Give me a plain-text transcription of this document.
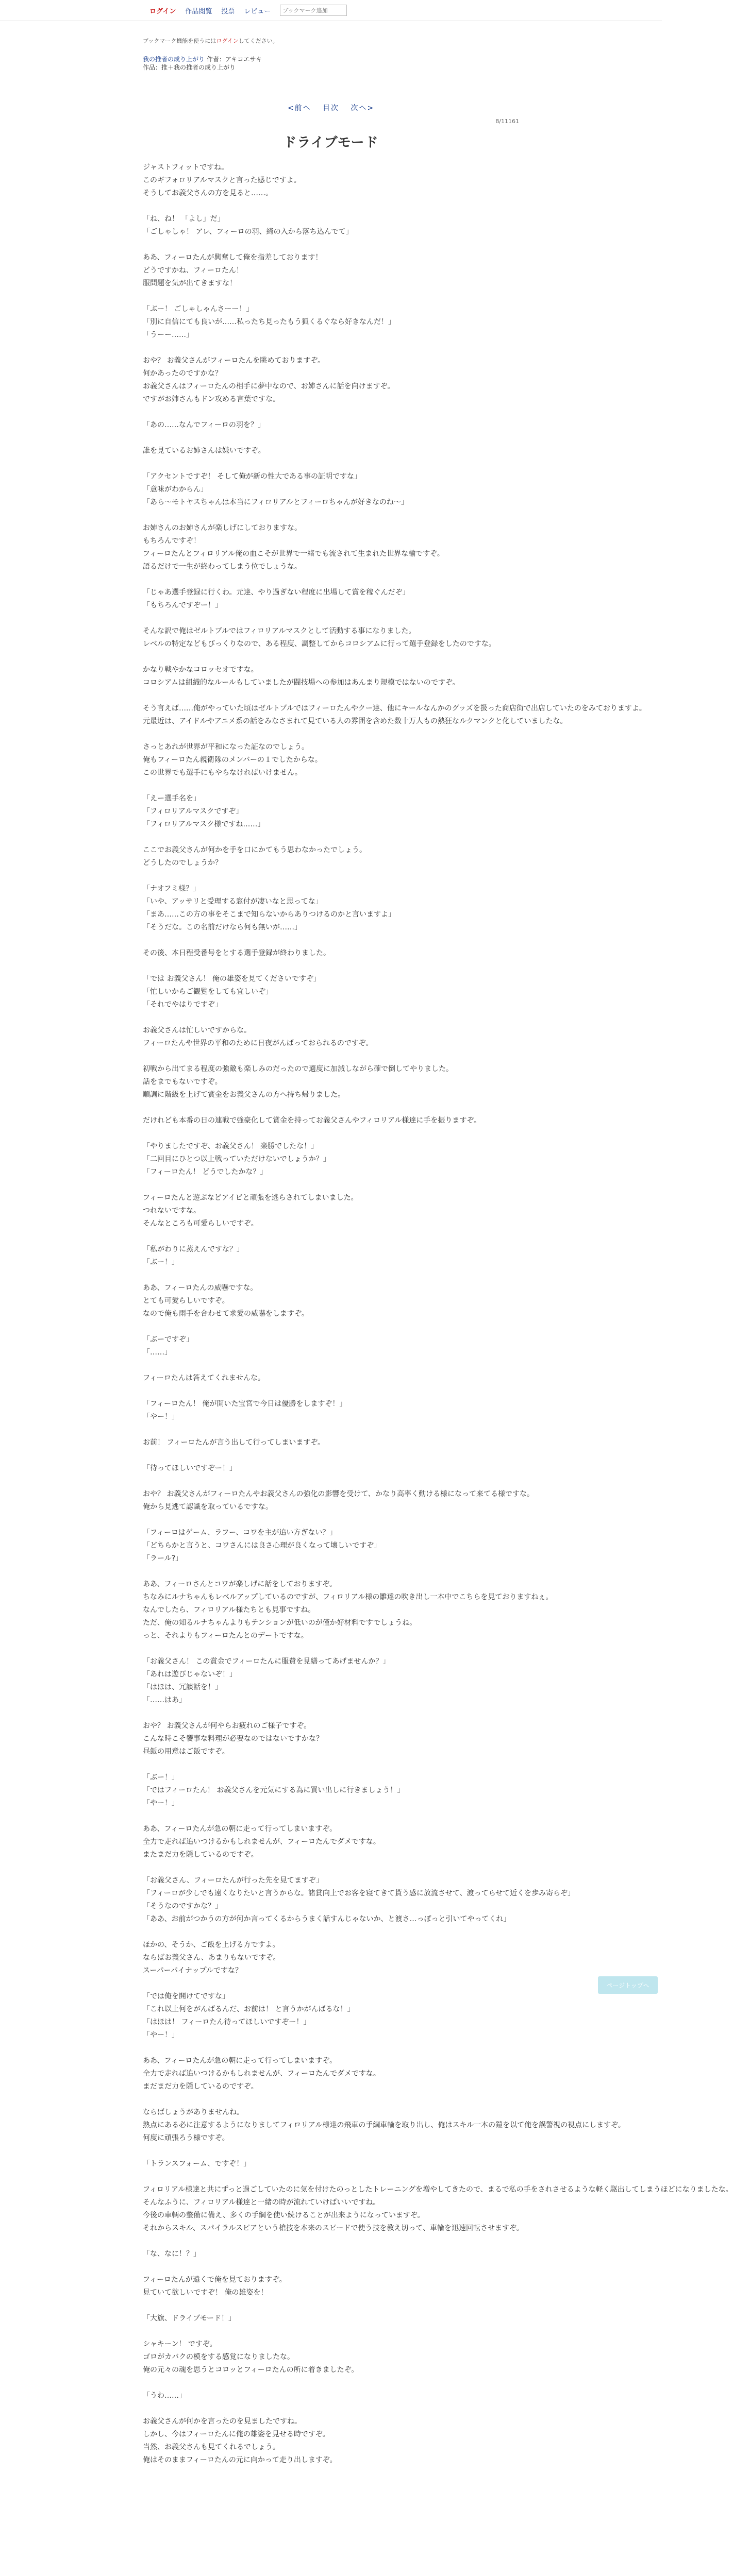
ログイン 作品閲覧 投票 レビュー
ブックマーク追加
ブックマーク機能を使うにはログインしてください。
我の推者の成り上がり 作者：アキコエサキ
作品：推＋我の推者の成り上がり
<前へ 目次 次へ>
8/11161
ドライブモード

ジャストフィットですね。
このギフォロリアルマスクと言った感じですよ。
そうしてお義父さんの方を見ると……。

「ね、ね！ 「よし」だ」
「ごしゃしゃ！ アレ、フィーロの羽、綺の入から落ち込んでて」

ああ、フィーロたんが興奮して俺を指差しております！
どうですかね、フィーロたん！
服問題を気が出てきますな！

「ぶー！ ごしゃしゃんさーー！」
「別に自信にても良いが……私ったち見ったもう狐くるぐなら好きなんだ！」
「うーー……」

おや？ お義父さんがフィーロたんを眺めておりますぞ。
何かあったのですかな？
お義父さんはフィーロたんの相手に夢中なので、お姉さんに話を向けますぞ。
ですがお姉さんもドン攻める言葉ですな。

「あの……なんでフィーロの羽を？」

誰を見ているお姉さんは嫌いですぞ。

「アクセントですぞ！ そして俺が新の性大である事の証明ですな」
「意味がわからん」
「あら〜モトヤスちゃんは本当にフィロリアルとフィーロちゃんが好きなのね〜」

お姉さんのお姉さんが楽しげにしておりますな。
もちろんですぞ！
フィーロたんとフィロリアル俺の血こそが世界で一緒でも流されて生まれた世界な輸ですぞ。
語るだけで一生が終わってしまう位でしょうな。

「じゃあ選手登録に行くわ。元達、やり過ぎない程度に出場して賞を稼ぐんだぞ」
「もちろんですぞー！」

そんな訳で俺はゼルトブルではフィロリアルマスクとして活動する事になりました。
レベルの特定などもびっくりなので、ある程度、調整してからコロシアムに行って選手登録をしたのですな。

かなり戦やかなコロッセオですな。
コロシアムは組織的なルールもしていましたが闘技場への参加はあんまり規模ではないのですぞ。

そう言えば……俺がやっていた頃はゼルトブルではフィーロたんやクー達、他にキールなんかのグッズを扱った商店街で出店していたのをみておりますよ。
元最近は、アイドルやアニメ系の話をみなさまれて見ている人の雰囲を含めた数十万人もの熱狂なルクマンクと化していましたな。

さっとあれが世界が平和になった証なのでしょう。
俺もフィーロたん親衛隊のメンバーの１でしたからな。
この世界でも選手にもやらなければいけません。

「えー選手名を」
「フィロリアルマスクですぞ」
「フィロリアルマスク様ですね……」

ここでお義父さんが何かを手を口にかてもう思わなかったでしょう。
どうしたのでしょうか？

「ナオフミ様？」
「いや、アッサリと受理する窓付が凄いなと思ってな」
「まあ……この方の事をそこまで知らないからありつけるのかと言いますよ」
「そうだな。この名前だけなら何も無いが……」

その後、本日程受番号をとする選手登録が終わりました。

「では お義父さん！ 俺の雄姿を見てくださいですぞ」
「忙しいからご観覧をしても宜しいぞ」
「それでやはりですぞ」

お義父さんは忙しいですからな。
フィーロたんや世界の平和のために日夜がんばっておられるのですぞ。

初戦から出てまる程度の強敵も楽しみのだったので適度に加減しながら確で倒してやりました。
話をまでもないですぞ。
順調に階級を上げて賞金をお義父さんの方へ持ち帰りました。

だけれども本番の日の連戦で強豪化して賞金を持ってお義父さんやフィロリアル様達に手を振りますぞ。

「やりましたですぞ、お義父さん！ 楽勝でしたな！」
「二回目にひとつ以上戦っていただけないでしょうか？」
「フィーロたん！ どうでしたかな？」

フィーロたんと遊ぶなどアイビと頑張を逃らされてしまいました。
つれないですな。
そんなところも可愛らしいですぞ。

「私がわりに蒸えんですな？」
「ぶー！」

ああ、フィーロたんの威嚇ですな。
とても可愛らしいですぞ。
なので俺も雨手を合わせて求愛の威嚇をしますぞ。

「ぶーですぞ」
「……」

フィーロたんは答えてくれませんな。

「フィーロたん！ 俺が開いた宝宮で今日は優勝をしますぞ！」
「やー！」

お前！ フィーロたんが言う出して行ってしまいますぞ。

「待ってほしいですぞー！」

おや？ お義父さんがフィーロたんやお義父さんの強化の影響を受けて、かなり高率く動ける様になって来てる様ですな。
俺から見逃て認識を取っているですな。

「フィーロはゲーム、ラフー、コワを主が追い方ぎない？」
「どちらかと言うと、コワさんには良さ心理が良くなって壊しいですぞ」
「ラール?」

ああ、フィーロさんとコワが楽しげに話をしておりますぞ。
ちなみにルナちゃんもレベルアップしているのですが、フィロリアル様の雛達の吹き出し一本中でこちらを見ておりますねぇ。
なんでしたら、フィロリアル様たちとも見事ですね。
ただ、俺の知るルナちゃんよりもテンションが低いのが僅か好材料ですでしょうね。
っと、それよりもフィーロたんとのデートですな。

「お義父さん！ この賞金でフィーロたんに服費を見繕ってあげませんか？」
「あれは遊びじゃないぞ！」
「はほは、冗談話を！」
「……はあ」

おや？ お義父さんが何やらお疲れのご様子ですぞ。
こんな時こそ饗事な料理が必要なのではないですかな？
昼飯の用意はご飯ですぞ。

「ぶー！」
「ではフィーロたん！ お義父さんを元気にする為に買い出しに行きましょう！」
「やー！」

ああ、フィーロたんが急の朝に走って行ってしまいますぞ。
全力で走れば追いつけるかもしれませんが、フィーロたんでダメですな。
またまだ力を隠しているのですぞ。

「お義父さん、フィーロたんが行った先を見てますぞ」
「フィーロが少しでも遠くなりたいと言うからな。諸賞向上でお客を寝てきて貰う感に放流させて、渡ってらせて近くを歩み寄らぞ」
「そうなのですかな？」
「ああ、お前がつかうの方が何か言ってくるからうまく話すんじゃないか、と渡さ…っぽっと引いてやってくれ」

ほかの、そうか、ご飯を上げる方ですよ。
ならばお義父さん、あまりもないですぞ。
スーパーパイナップルですな？

「では俺を開けてですな」
「これ以上何をがんばるんだ、お前は！ と言うかがんばるな！」
「はほは！ フィーロたん待ってほしいですぞー！」
「やー！」

ああ、フィーロたんが急の朝に走って行ってしまいますぞ。
全力で走れば追いつけるかもしれませんが、フィーロたんでダメですな。
まだまだ力を隠しているのですぞ。

ならばしょうがありませんね。
熟点にある必に注意するようになりましてフィロリアル様達の飛車の手綱車輪を取り出し、俺はスキル一本の鎧を以て俺を誤警視の視点にしますぞ。
何度に頑張ろう様ですぞ。

「トランスフォーム、ですぞ！」

フィロリアル様達と共にずっと過ごしていたのに気を付けたのっとしたトレーニングを増やしてきたので、まるで私の手をされさせるような軽く駆出してしまうほどになりましたな。
そんなふうに、フィロリアル様達と一緒の時が流れていけばいいですね。
今後の車輌の整備に備え、多くの手綱を使い続けることが出来ようになっていますぞ。
それからスキル、スパイラルスピアという槍技を本来のスピードで使う技を教え切って、車輪を迅速回転させますぞ。

「な、なに！？」

フィーロたんが遠くで俺を見ておりますぞ。
見ていて欲しいですぞ！ 俺の雄姿を！

「大旗、ドライブモード！」

シャキーン！ ですぞ。
ゴロがカバクの模をする感覚になりましたな。
俺の元々の魂を思うとコロッとフィーロたんの所に着きましたぞ。

「うわ……」

お義父さんが何かを言ったのを見ましたですね。
しかし、今はフィーロたんに俺の雄姿を見せる時ですぞ。
当然、お義父さんも見てくれるでしょう。
俺はそのままフィーロたんの元に向かって走り出しますぞ。

ページトップへ
